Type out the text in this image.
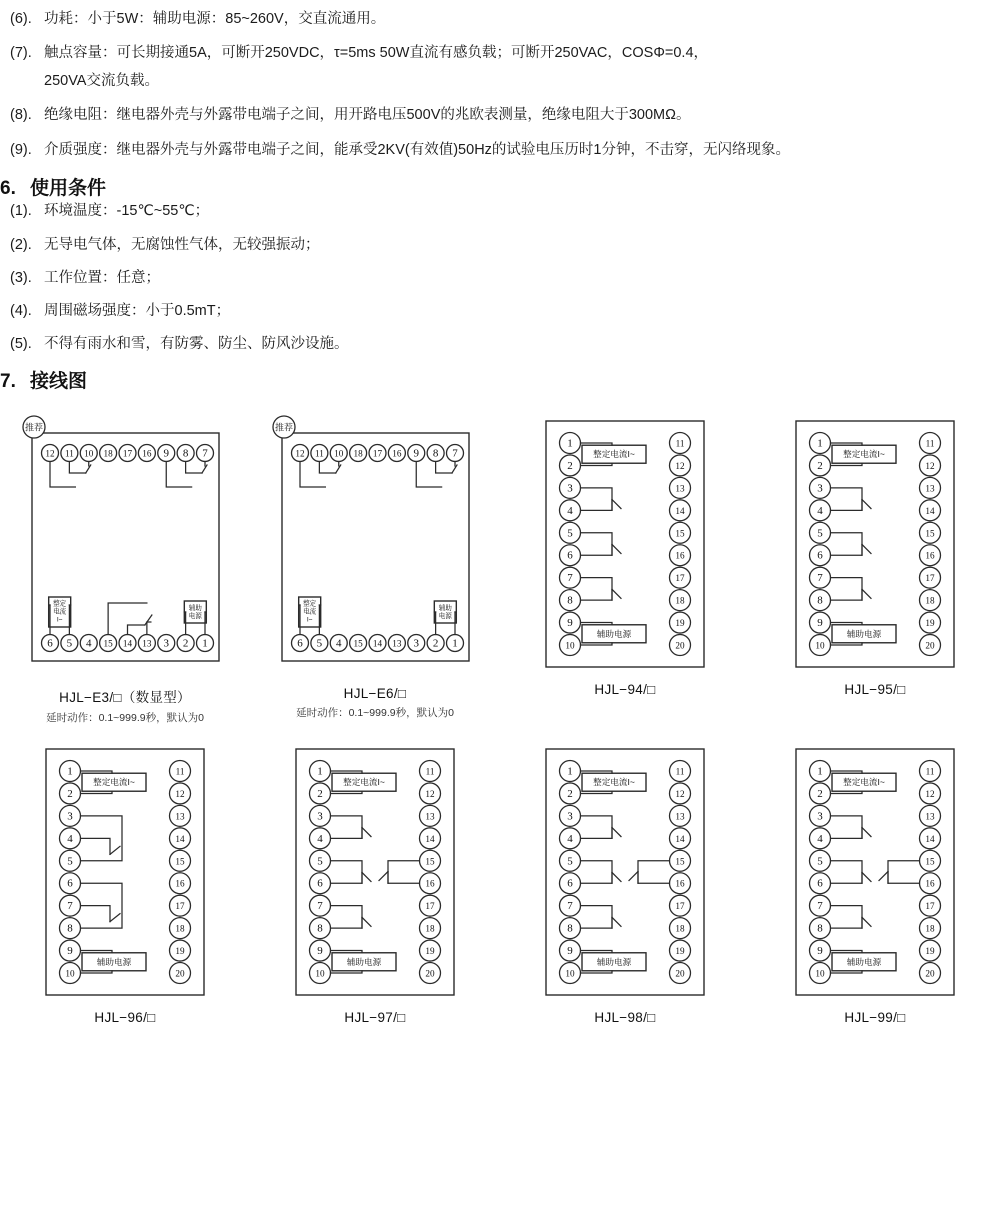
(6). 功耗：小于5W：辅助电源：85~260V，交直流通用。
(7). 触点容量：可长期接通5A，可断开250VDC，τ=5ms 50W直流有感负载；可断开250VAC，COSΦ=0.4，
250VA交流负载。
(8). 绝缘电阻：继电器外壳与外露带电端子之间，用开路电压500V的兆欧表测量，绝缘电阻大于300MΩ。
(9). 介质强度：继电器外壳与外露带电端子之间，能承受2KV(有效值)50Hz的试验电压历时1分钟，不击穿，无闪络现象。
6. 使用条件
(1). 环境温度：-15℃~55℃；
(2). 无导电气体，无腐蚀性气体，无较强振动；
(3). 工作位置：任意；
(4). 周围磁场强度：小于0.5mT；
(5). 不得有雨水和雪，有防雾、防尘、防风沙设施。
7. 接线图
12 11 10 18 17 16 9 8 7
6 5 4 15 14 13 3 2 1
推荐
整定
电流
I~
辅助
电源
HJL−E3/□（数显型）
延时动作：0.1~999.9秒，默认为0
12 11 10 18 17 16 9 8 7
6 5 4 15 14 13 3 2 1
推荐
整定
电流
I~
辅助
电源
HJL−E6/□
延时动作：0.1~999.9秒，默认为0
1
2
3
4
5
6
7
8
9
10
11
12
13
14
15
16
17
18
19
20
整定电流I~
辅助电源
HJL−94/□
1
2
3
4
5
6
7
8
9
10
11
12
13
14
15
16
17
18
19
20
整定电流I~
辅助电源
HJL−95/□
1
2
3
4
5
6
7
8
9
10
11
12
13
14
15
16
17
18
19
20
整定电流I~
辅助电源
HJL−96/□
1
2
3
4
5
6
7
8
9
10
11
12
13
14
15
16
17
18
19
20
整定电流I~
辅助电源
HJL−97/□
1
2
3
4
5
6
7
8
9
10
11
12
13
14
15
16
17
18
19
20
整定电流I~
辅助电源
HJL−98/□
1
2
3
4
5
6
7
8
9
10
11
12
13
14
15
16
17
18
19
20
整定电流I~
辅助电源
HJL−99/□
